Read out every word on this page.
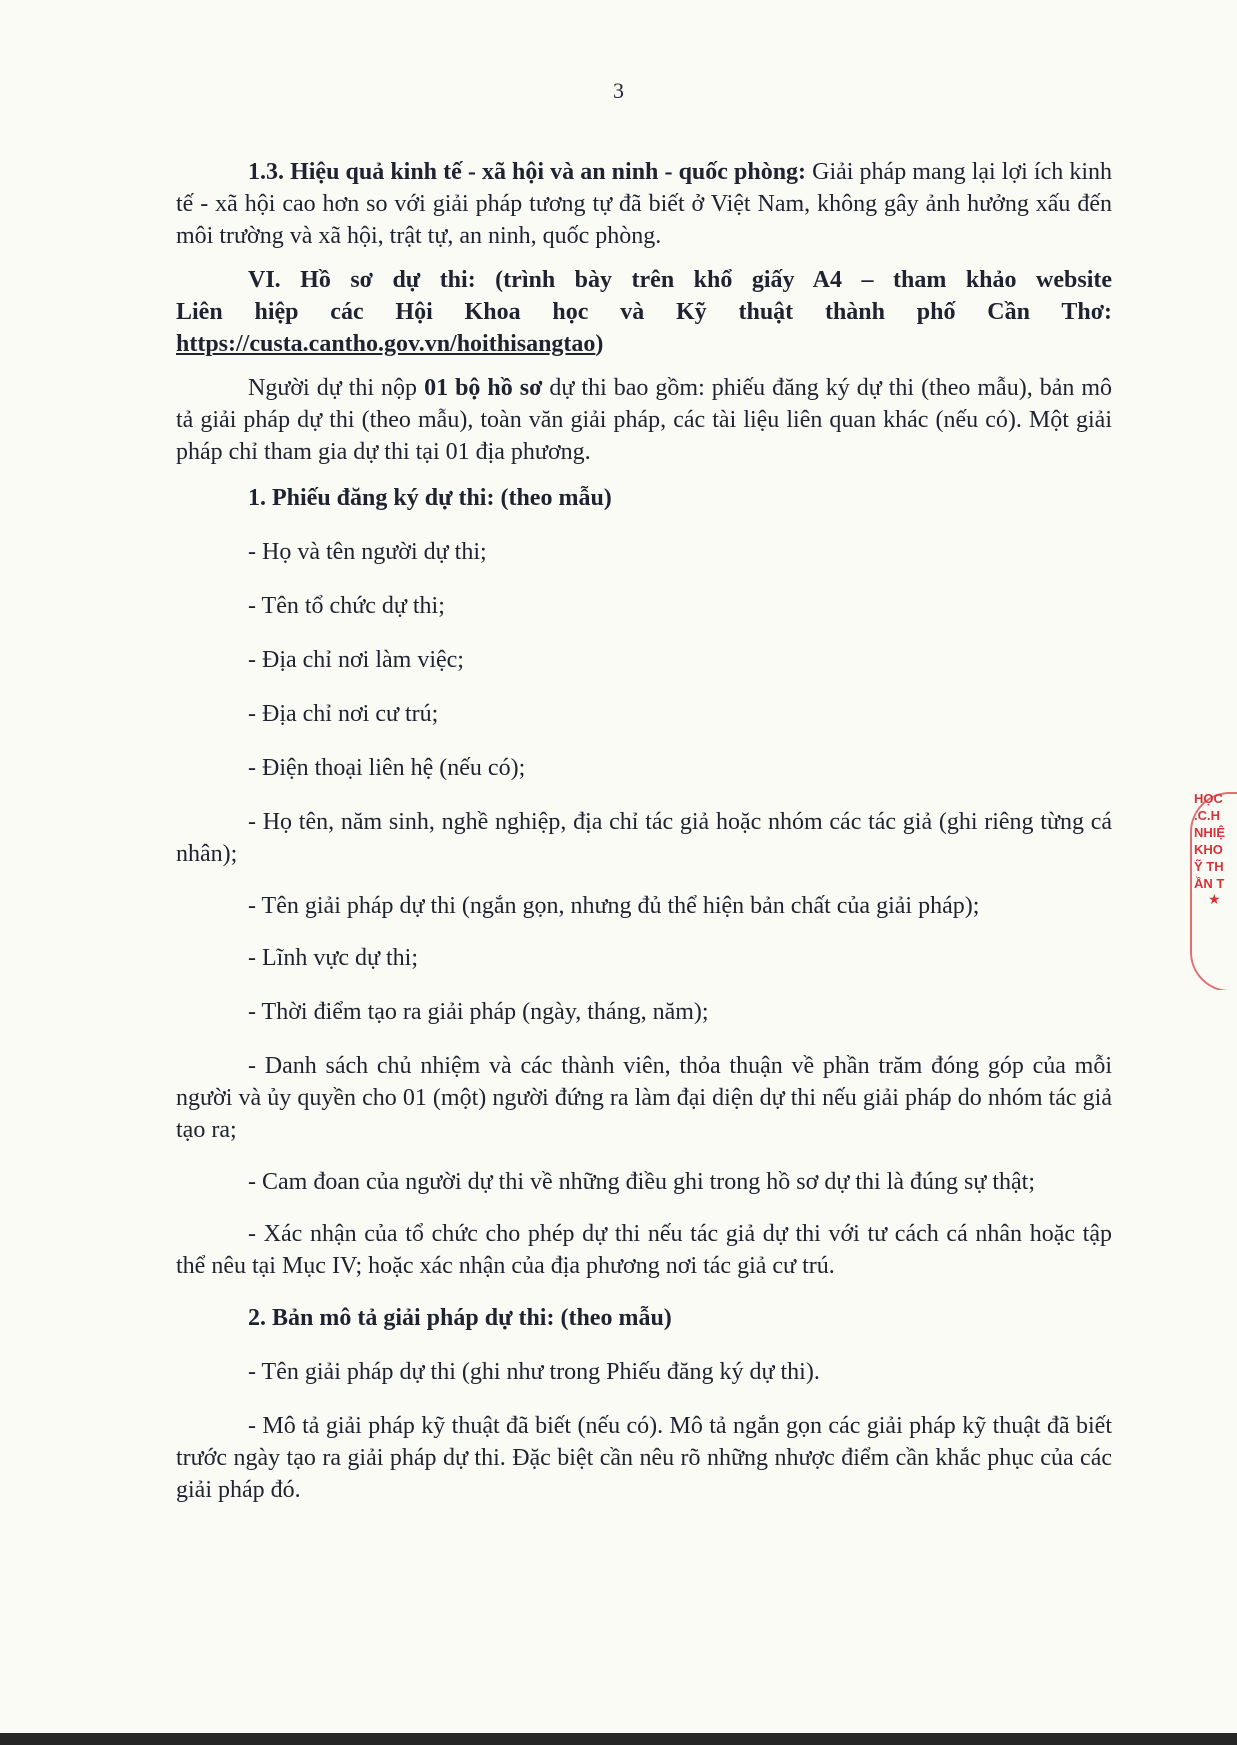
3

1.3. Hiệu quả kinh tế - xã hội và an ninh - quốc phòng: Giải pháp mang lại lợi ích kinh tế - xã hội cao hơn so với giải pháp tương tự đã biết ở Việt Nam, không gây ảnh hưởng xấu đến môi trường và xã hội, trật tự, an ninh, quốc phòng.

VI. Hồ sơ dự thi: (trình bày trên khổ giấy A4 – tham khảo website

Liên hiệp các Hội Khoa học và Kỹ thuật thành phố Cần Thơ:

https://custa.cantho.gov.vn/hoithisangtao)

Người dự thi nộp 01 bộ hồ sơ dự thi bao gồm: phiếu đăng ký dự thi (theo mẫu), bản mô tả giải pháp dự thi (theo mẫu), toàn văn giải pháp, các tài liệu liên quan khác (nếu có). Một giải pháp chỉ tham gia dự thi tại 01 địa phương.

1. Phiếu đăng ký dự thi: (theo mẫu)

- Họ và tên người dự thi;

- Tên tổ chức dự thi;

- Địa chỉ nơi làm việc;

- Địa chỉ nơi cư trú;

- Điện thoại liên hệ (nếu có);

- Họ tên, năm sinh, nghề nghiệp, địa chỉ tác giả hoặc nhóm các tác giả (ghi riêng từng cá nhân);

- Tên giải pháp dự thi (ngắn gọn, nhưng đủ thể hiện bản chất của giải pháp);

- Lĩnh vực dự thi;

- Thời điểm tạo ra giải pháp (ngày, tháng, năm);

- Danh sách chủ nhiệm và các thành viên, thỏa thuận về phần trăm đóng góp của mỗi người và ủy quyền cho 01 (một) người đứng ra làm đại diện dự thi nếu giải pháp do nhóm tác giả tạo ra;

- Cam đoan của người dự thi về những điều ghi trong hồ sơ dự thi là đúng sự thật;

- Xác nhận của tổ chức cho phép dự thi nếu tác giả dự thi với tư cách cá nhân hoặc tập thể nêu tại Mục IV; hoặc xác nhận của địa phương nơi tác giả cư trú.

2. Bản mô tả giải pháp dự thi: (theo mẫu)

- Tên giải pháp dự thi (ghi như trong Phiếu đăng ký dự thi).

- Mô tả giải pháp kỹ thuật đã biết (nếu có). Mô tả ngắn gọn các giải pháp kỹ thuật đã biết trước ngày tạo ra giải pháp dự thi. Đặc biệt cần nêu rõ những nhược điểm cần khắc phục của các giải pháp đó.

HỌC
.C.H
NHIỆ
KHO
Ỹ TH
ẦN T
★
